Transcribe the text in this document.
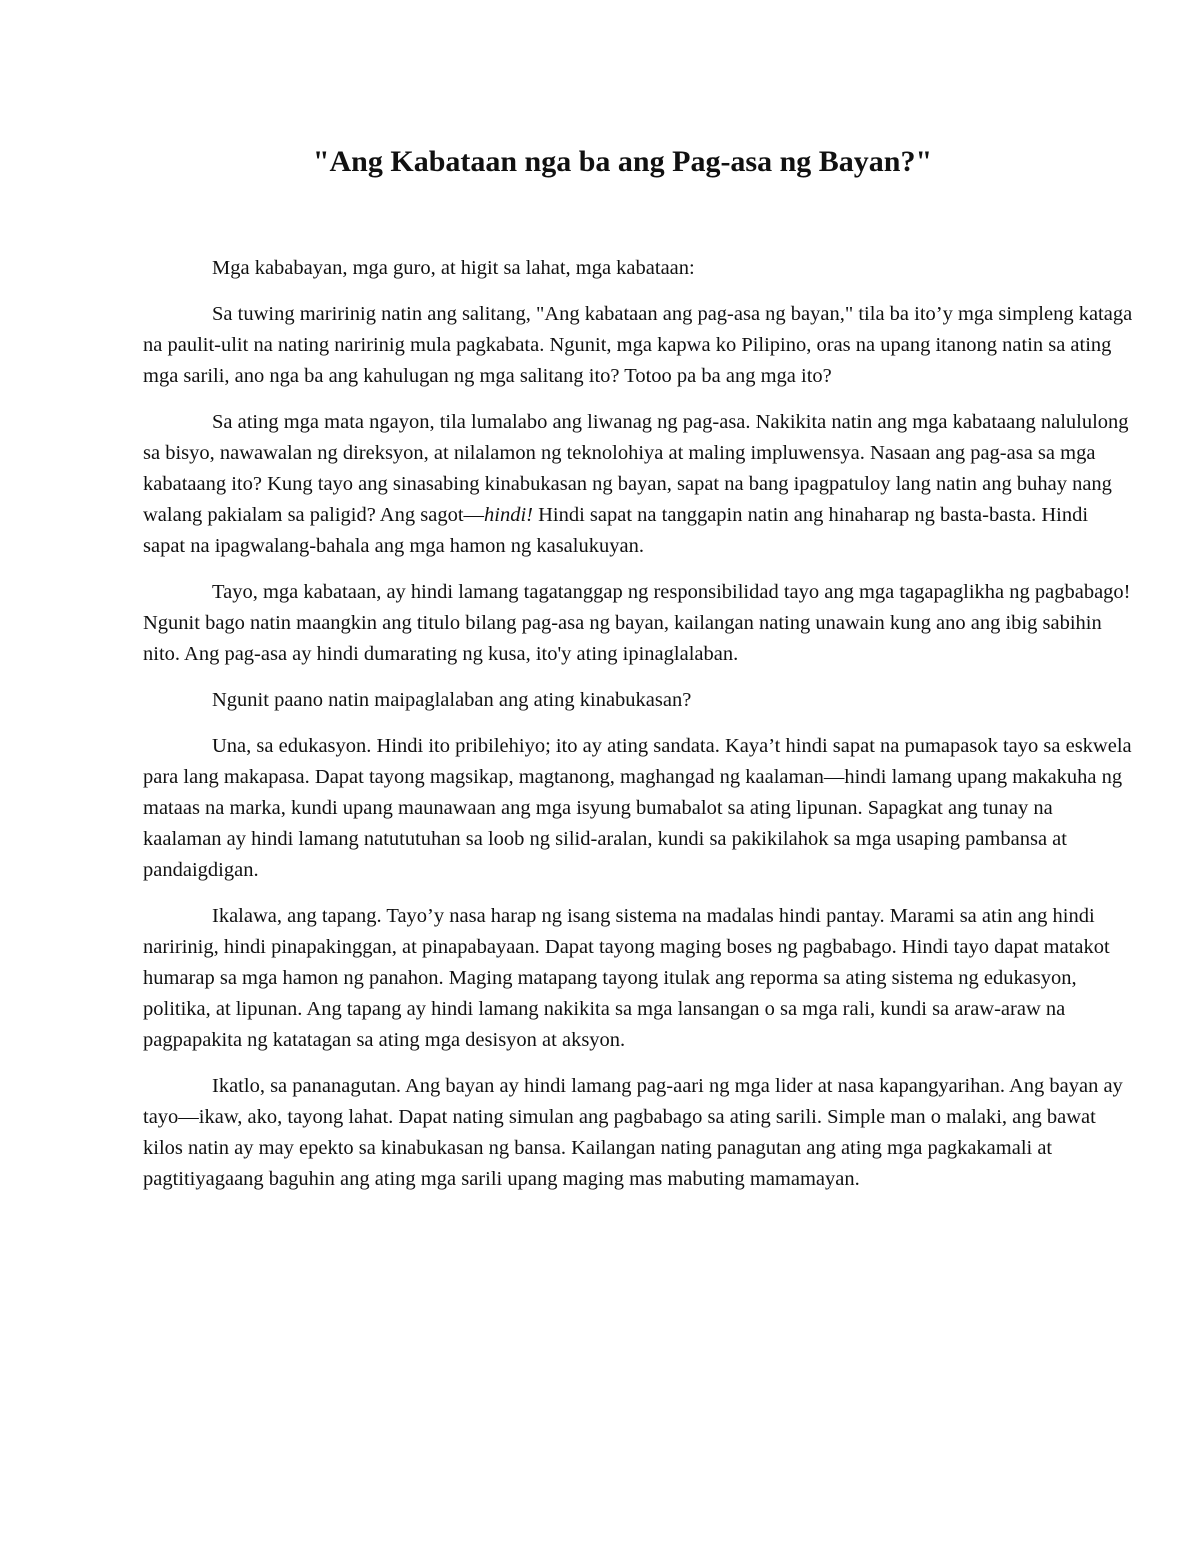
"Ang Kabataan nga ba ang Pag-asa ng Bayan?"

Mga kababayan, mga guro, at higit sa lahat, mga kabataan:

Sa tuwing maririnig natin ang salitang, "Ang kabataan ang pag-asa ng bayan," tila ba ito’y mga simpleng kataga na paulit-ulit na nating naririnig mula pagkabata. Ngunit, mga kapwa ko Pilipino, oras na upang itanong natin sa ating mga sarili, ano nga ba ang kahulugan ng mga salitang ito? Totoo pa ba ang mga ito?

Sa ating mga mata ngayon, tila lumalabo ang liwanag ng pag-asa. Nakikita natin ang mga kabataang nalululong sa bisyo, nawawalan ng direksyon, at nilalamon ng teknolohiya at maling impluwensya. Nasaan ang pag-asa sa mga kabataang ito? Kung tayo ang sinasabing kinabukasan ng bayan, sapat na bang ipagpatuloy lang natin ang buhay nang walang pakialam sa paligid? Ang sagot—hindi! Hindi sapat na tanggapin natin ang hinaharap ng basta-basta. Hindi sapat na ipagwalang-bahala ang mga hamon ng kasalukuyan.

Tayo, mga kabataan, ay hindi lamang tagatanggap ng responsibilidad tayo ang mga tagapaglikha ng pagbabago! Ngunit bago natin maangkin ang titulo bilang pag-asa ng bayan, kailangan nating unawain kung ano ang ibig sabihin nito. Ang pag-asa ay hindi dumarating ng kusa, ito'y ating ipinaglalaban.

Ngunit paano natin maipaglalaban ang ating kinabukasan?

Una, sa edukasyon. Hindi ito pribilehiyo; ito ay ating sandata. Kaya’t hindi sapat na pumapasok tayo sa eskwela para lang makapasa. Dapat tayong magsikap, magtanong, maghangad ng kaalaman—hindi lamang upang makakuha ng mataas na marka, kundi upang maunawaan ang mga isyung bumabalot sa ating lipunan. Sapagkat ang tunay na kaalaman ay hindi lamang natututuhan sa loob ng silid-aralan, kundi sa pakikilahok sa mga usaping pambansa at pandaigdigan.

Ikalawa, ang tapang. Tayo’y nasa harap ng isang sistema na madalas hindi pantay. Marami sa atin ang hindi naririnig, hindi pinapakinggan, at pinapabayaan. Dapat tayong maging boses ng pagbabago. Hindi tayo dapat matakot humarap sa mga hamon ng panahon. Maging matapang tayong itulak ang reporma sa ating sistema ng edukasyon, politika, at lipunan. Ang tapang ay hindi lamang nakikita sa mga lansangan o sa mga rali, kundi sa araw-araw na pagpapakita ng katatagan sa ating mga desisyon at aksyon.

Ikatlo, sa pananagutan. Ang bayan ay hindi lamang pag-aari ng mga lider at nasa kapangyarihan. Ang bayan ay tayo—ikaw, ako, tayong lahat. Dapat nating simulan ang pagbabago sa ating sarili. Simple man o malaki, ang bawat kilos natin ay may epekto sa kinabukasan ng bansa. Kailangan nating panagutan ang ating mga pagkakamali at pagtitiyagaang baguhin ang ating mga sarili upang maging mas mabuting mamamayan.
